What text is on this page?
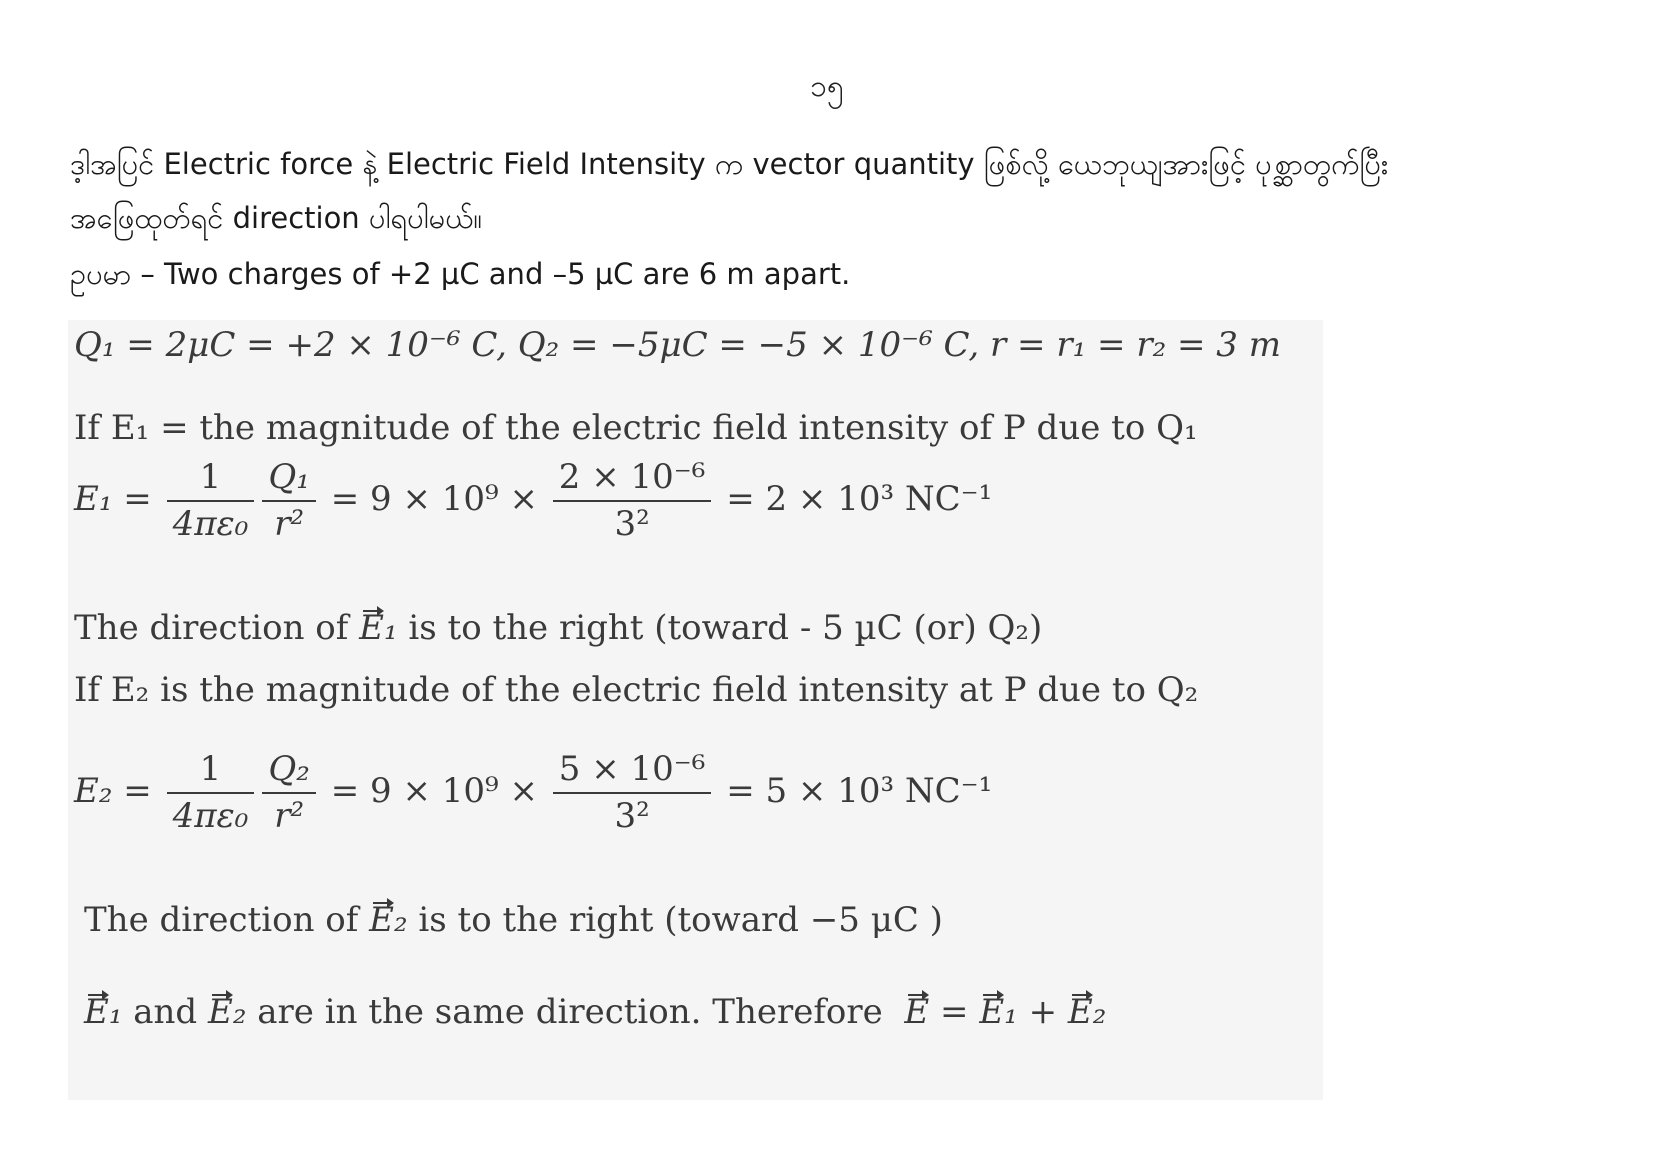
၁၅
ဒ့ါအပြင် Electric force နဲ့ Electric Field Intensity က vector quantity ဖြစ်လို့ ယေဘုယျအားဖြင့် ပုစ္ဆာတွက်ပြီး
အဖြေထုတ်ရင် direction ပါရပါမယ်။
ဥပမာ – Two charges of +2 µC and –5 µC are 6 m apart.
Q₁ = 2μC = +2 × 10⁻⁶ C, Q₂ = −5μC = −5 × 10⁻⁶ C, r = r₁ = r₂ = 3 m
If E₁ = the magnitude of the electric field intensity of P due to Q₁
$E_1 = \frac{1}{\text{4πε₀}} \frac{\text{Q₁}}{\text{r²}} = 9 \times 10^9 \times \frac{\text{2 × 10⁻⁶}}{\text{3²}} = 2 \times 10^3$ NC⁻¹
The direction of E₁ is to the right (toward - 5 µC (or) Q₂)
If E₂ is the magnitude of the electric field intensity at P due to Q₂
$E_2 = \frac{1}{\text{4πε₀}} \frac{\text{Q₂}}{\text{r²}} = 9 \times 10^9 \times \frac{\text{5 × 10⁻⁶}}{\text{3²}} = 5 \times 10^3$ NC⁻¹
The direction of E₂ is to the right (toward −5 μC )
E₁ and E₂ are in the same direction. Therefore E = E₁ + E₂
